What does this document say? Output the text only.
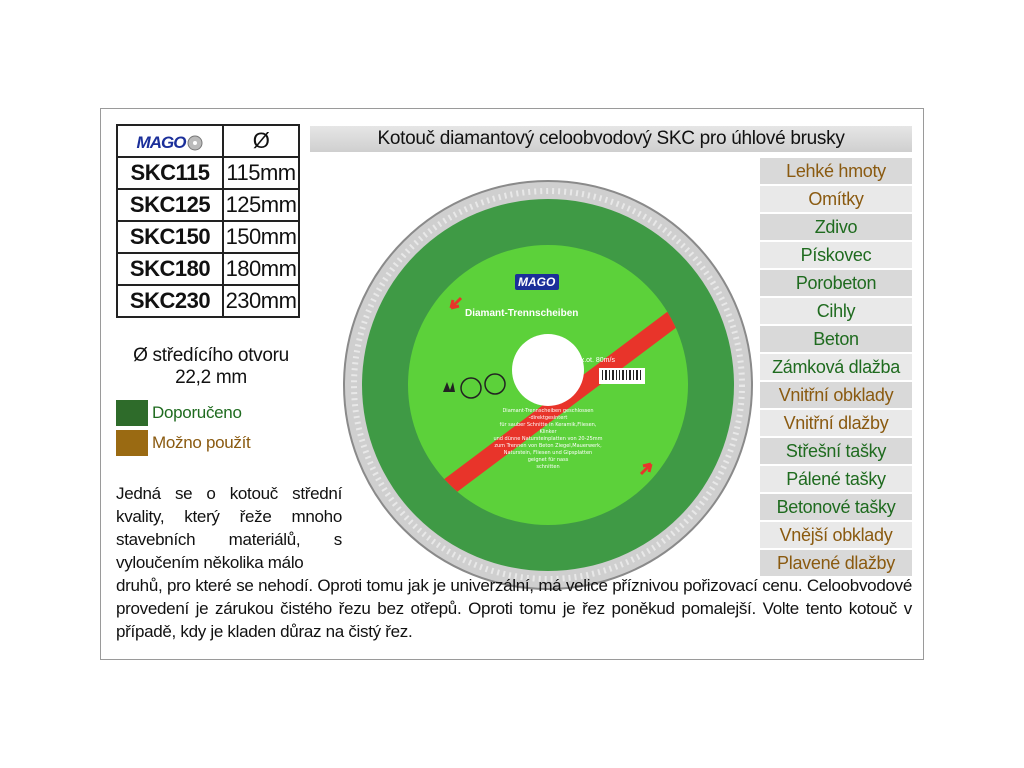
MAGO	Ø
SKC115	115mm
SKC125	125mm
SKC150	150mm
SKC180	180mm
SKC230	230mm
Ø středícího otvoru
22,2 mm
Doporučeno
Možno použít
Kotouč diamantový celoobvodový SKC pro úhlové brusky
MAGO
Diamant-Trennscheiben
max.ot. 80m/s
Diamant-Trennscheiben geschlossen
-direktgesintert
für sauber Schnitte in Keramik,Fliesen,
Klinker
und dünne Natursteinplatten von 20-25mm
zum Trennen von Beton Ziegel,Mauerwerk,
Naturstein, Fliesen und Gipsplatten
geignet für nass
schnitten
Lehké hmoty
Omítky
Zdivo
Pískovec
Porobeton
Cihly
Beton
Zámková dlažba
Vnitřní obklady
Vnitřní dlažby
Střešní tašky
Pálené tašky
Betonové tašky
Vnější obklady
Plavené dlažby
Jedná se o kotouč střední kvality, který řeže mnoho stavebních materiálů, s vyloučením několika málo
druhů, pro které se nehodí. Oproti tomu jak je univerzální, má velice příznivou pořizovací cenu. Celoobvodové provedení je zárukou čistého řezu bez otřepů. Oproti tomu je řez poněkud pomalejší. Volte tento kotouč v případě, kdy je kladen důraz na čistý řez.
